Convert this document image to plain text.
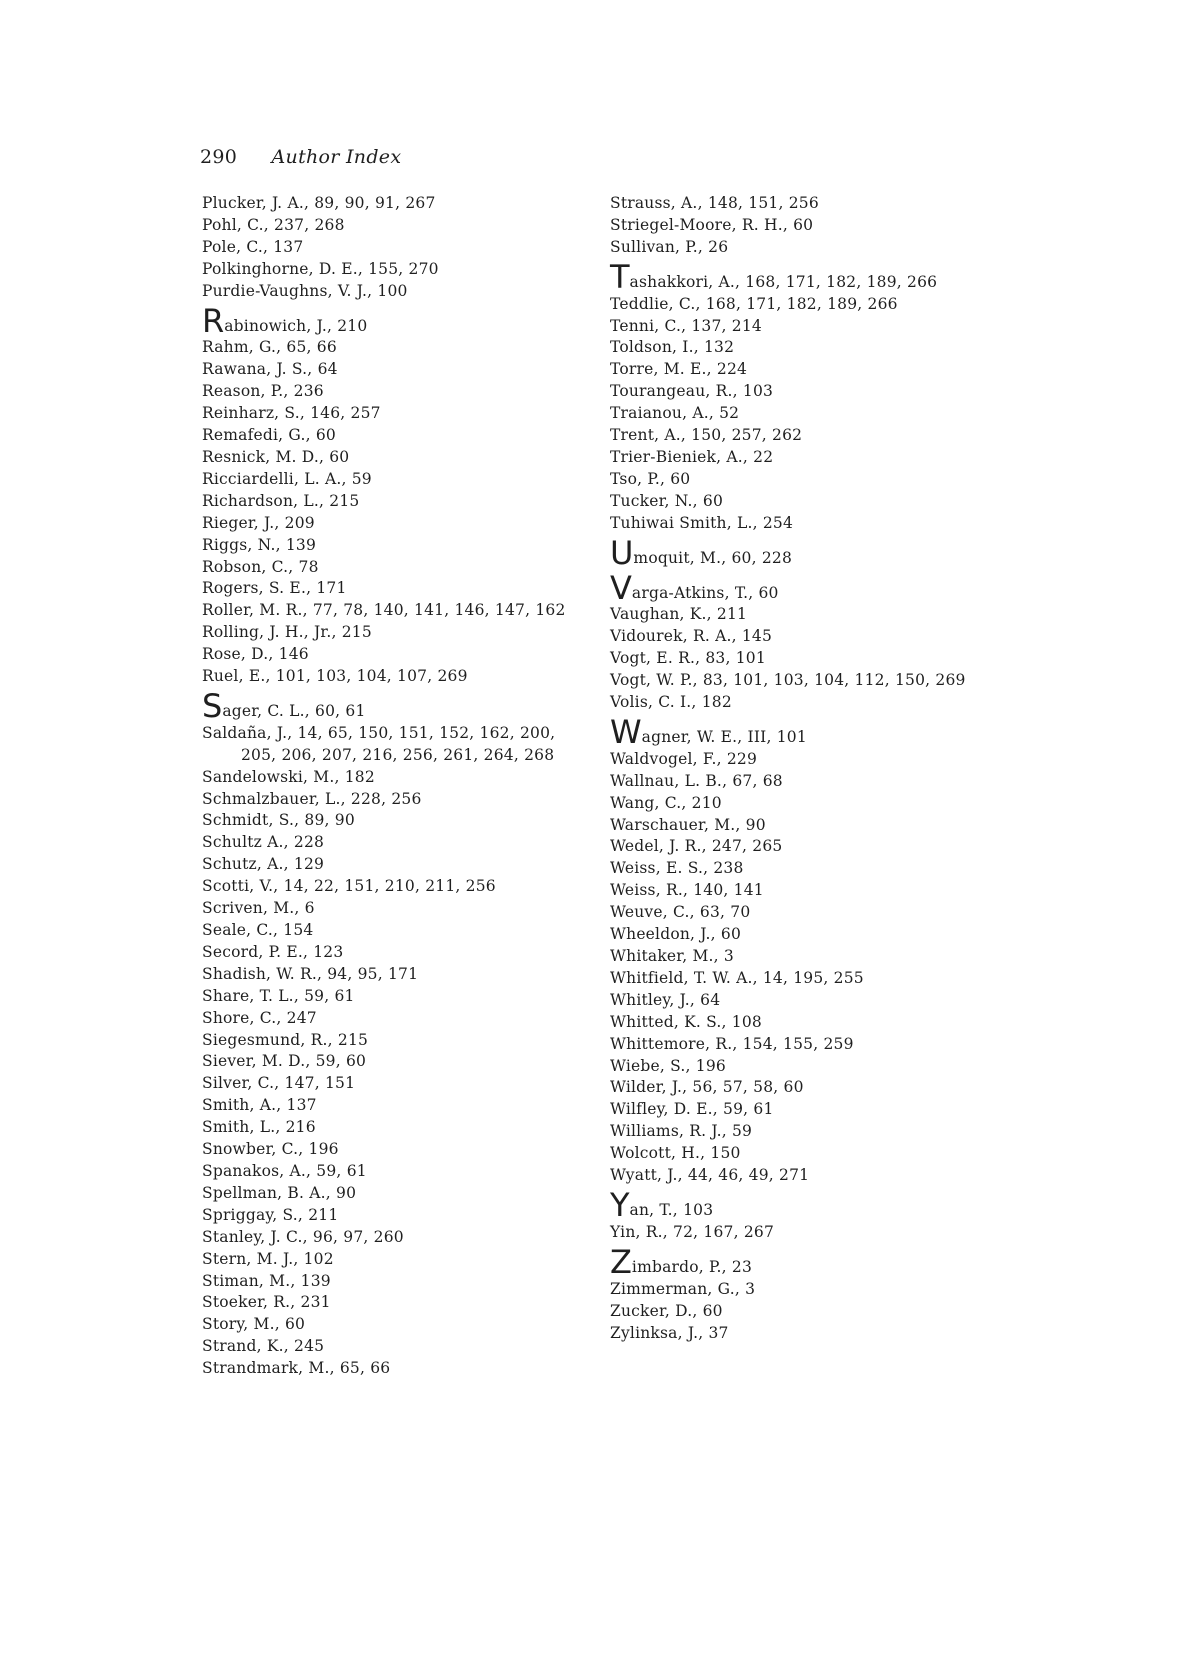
290 Author Index
Plucker, J. A., 89, 90, 91, 267
Pohl, C., 237, 268
Pole, C., 137
Polkinghorne, D. E., 155, 270
Purdie-Vaughns, V. J., 100
Rabinowich, J., 210
Rahm, G., 65, 66
Rawana, J. S., 64
Reason, P., 236
Reinharz, S., 146, 257
Remafedi, G., 60
Resnick, M. D., 60
Ricciardelli, L. A., 59
Richardson, L., 215
Rieger, J., 209
Riggs, N., 139
Robson, C., 78
Rogers, S. E., 171
Roller, M. R., 77, 78, 140, 141, 146, 147, 162
Rolling, J. H., Jr., 215
Rose, D., 146
Ruel, E., 101, 103, 104, 107, 269
Sager, C. L., 60, 61
Saldaña, J., 14, 65, 150, 151, 152, 162, 200,
205, 206, 207, 216, 256, 261, 264, 268
Sandelowski, M., 182
Schmalzbauer, L., 228, 256
Schmidt, S., 89, 90
Schultz A., 228
Schutz, A., 129
Scotti, V., 14, 22, 151, 210, 211, 256
Scriven, M., 6
Seale, C., 154
Secord, P. E., 123
Shadish, W. R., 94, 95, 171
Share, T. L., 59, 61
Shore, C., 247
Siegesmund, R., 215
Siever, M. D., 59, 60
Silver, C., 147, 151
Smith, A., 137
Smith, L., 216
Snowber, C., 196
Spanakos, A., 59, 61
Spellman, B. A., 90
Spriggay, S., 211
Stanley, J. C., 96, 97, 260
Stern, M. J., 102
Stiman, M., 139
Stoeker, R., 231
Story, M., 60
Strand, K., 245
Strandmark, M., 65, 66
Strauss, A., 148, 151, 256
Striegel-Moore, R. H., 60
Sullivan, P., 26
Tashakkori, A., 168, 171, 182, 189, 266
Teddlie, C., 168, 171, 182, 189, 266
Tenni, C., 137, 214
Toldson, I., 132
Torre, M. E., 224
Tourangeau, R., 103
Traianou, A., 52
Trent, A., 150, 257, 262
Trier-Bieniek, A., 22
Tso, P., 60
Tucker, N., 60
Tuhiwai Smith, L., 254
Umoquit, M., 60, 228
Varga-Atkins, T., 60
Vaughan, K., 211
Vidourek, R. A., 145
Vogt, E. R., 83, 101
Vogt, W. P., 83, 101, 103, 104, 112, 150, 269
Volis, C. I., 182
Wagner, W. E., III, 101
Waldvogel, F., 229
Wallnau, L. B., 67, 68
Wang, C., 210
Warschauer, M., 90
Wedel, J. R., 247, 265
Weiss, E. S., 238
Weiss, R., 140, 141
Weuve, C., 63, 70
Wheeldon, J., 60
Whitaker, M., 3
Whitfield, T. W. A., 14, 195, 255
Whitley, J., 64
Whitted, K. S., 108
Whittemore, R., 154, 155, 259
Wiebe, S., 196
Wilder, J., 56, 57, 58, 60
Wilfley, D. E., 59, 61
Williams, R. J., 59
Wolcott, H., 150
Wyatt, J., 44, 46, 49, 271
Yan, T., 103
Yin, R., 72, 167, 267
Zimbardo, P., 23
Zimmerman, G., 3
Zucker, D., 60
Zylinksa, J., 37
